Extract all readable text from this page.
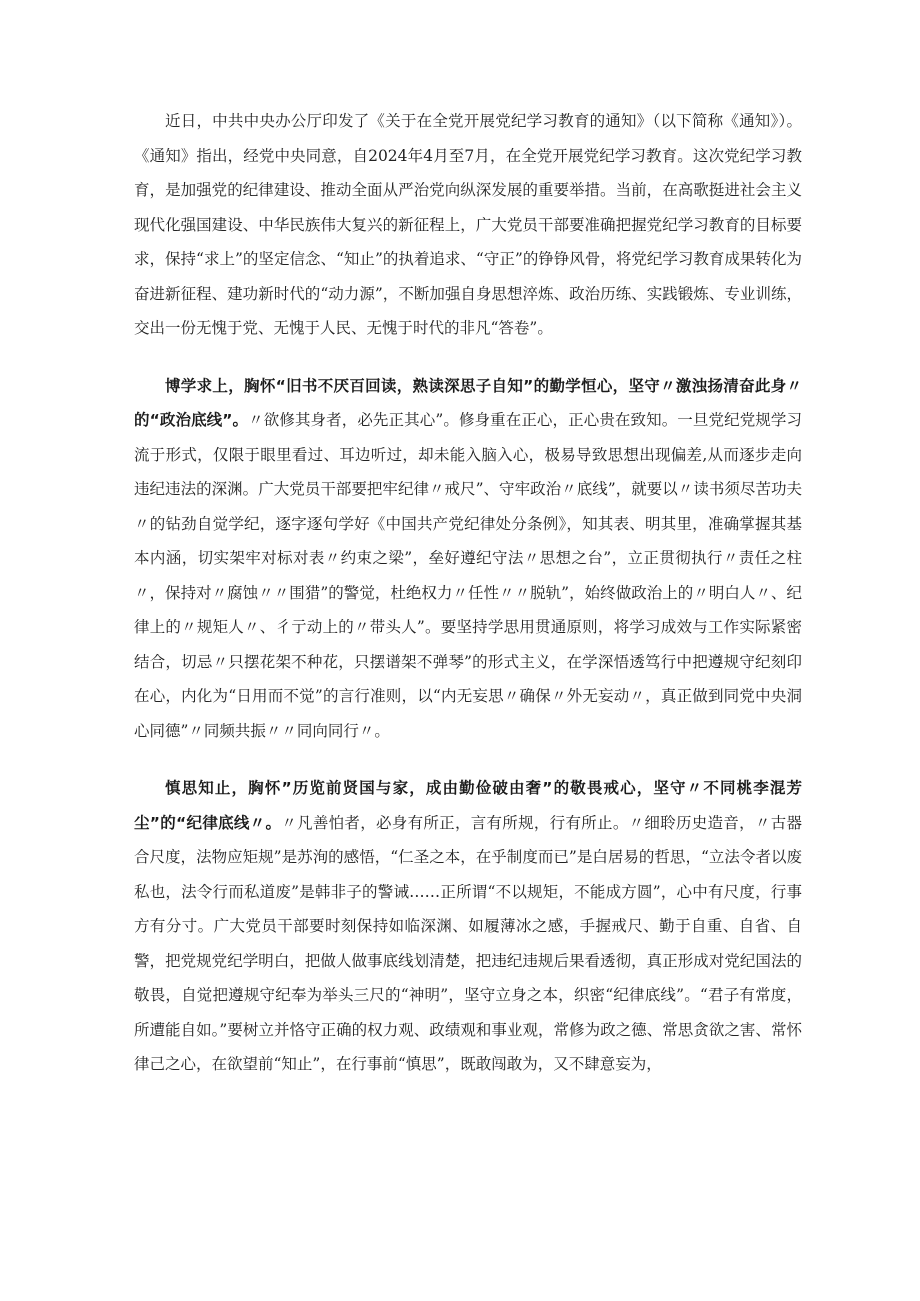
近日，中共中央办公厅印发了《关于在全党开展党纪学习教育的通知》（以下简称《通知》）。《通知》指出，经党中央同意，自2024年4月至7月，在全党开展党纪学习教育。这次党纪学习教育，是加强党的纪律建设、推动全面从严治党向纵深发展的重要举措。当前，在高歌挺进社会主义现代化强国建设、中华民族伟大复兴的新征程上，广大党员干部要准确把握党纪学习教育的目标要求，保持“求上”的坚定信念、“知止”的执着追求、“守正”的铮铮风骨，将党纪学习教育成果转化为奋进新征程、建功新时代的“动力源”，不断加强自身思想淬炼、政治历练、实践锻炼、专业训练，交出一份无愧于党、无愧于人民、无愧于时代的非凡“答卷”。

博学求上，胸怀“旧书不厌百回读，熟读深思子自知”的勤学恒心，坚守〃激浊扬清奋此身〃的“政治底线”。〃欲修其身者，必先正其心”。修身重在正心，正心贵在致知。一旦党纪党规学习流于形式，仅限于眼里看过、耳边听过，却未能入脑入心，极易导致思想出现偏差,从而逐步走向违纪违法的深渊。广大党员干部要把牢纪律〃戒尺”、守牢政治〃底线”，就要以〃读书须尽苦功夫〃的钻劲自觉学纪，逐字逐句学好《中国共产党纪律处分条例》，知其表、明其里，准确掌握其基本内涵，切实架牢对标对表〃约束之梁”，垒好遵纪守法〃思想之台”，立正贯彻执行〃责任之柱〃，保持对〃腐蚀〃〃围猎”的警觉，杜绝权力〃任性〃〃脱轨”，始终做政治上的〃明白人〃、纪律上的〃规矩人〃、彳亍动上的〃带头人”。要坚持学思用贯通原则，将学习成效与工作实际紧密结合，切忌〃只摆花架不种花，只摆谱架不弹琴”的形式主义，在学深悟透笃行中把遵规守纪刻印在心，内化为“日用而不觉”的言行准则，以“内无妄思〃确保〃外无妄动〃，真正做到同党中央洞心同德”〃同频共振〃〃同向同行〃。

慎思知止，胸怀”历览前贤国与家，成由勤俭破由奢”的敬畏戒心，坚守〃不同桃李混芳尘”的“纪律底线〃。〃凡善怕者，必身有所正，言有所规，行有所止。〃细聆历史造音，〃古器合尺度，法物应矩规”是苏洵的感悟，“仁圣之本，在乎制度而已”是白居易的哲思，“立法令者以废私也，法令行而私道废”是韩非子的警诫……正所谓“不以规矩，不能成方圆”，心中有尺度，行事方有分寸。广大党员干部要时刻保持如临深渊、如履薄冰之感，手握戒尺、勤于自重、自省、自警，把党规党纪学明白，把做人做事底线划清楚，把违纪违规后果看透彻，真正形成对党纪国法的敬畏，自觉把遵规守纪奉为举头三尺的“神明”，坚守立身之本，织密“纪律底线”。“君子有常度，所遭能自如。”要树立并恪守正确的权力观、政绩观和事业观，常修为政之德、常思贪欲之害、常怀律己之心，在欲望前“知止”，在行事前“慎思”，既敢闯敢为，又不肆意妄为，
